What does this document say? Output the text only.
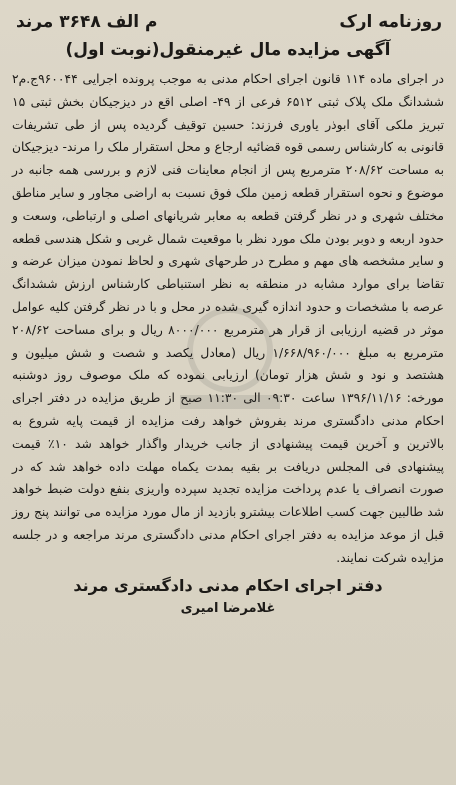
روزنامه ارک
م الف ۳۶۴۸ مرند
آگهی مزایده مال غیرمنقول(نوبت اول)
در اجرای ماده ۱۱۴ قانون اجرای احکام مدنی به موجب پرونده اجرایی ۹۶۰۰۴۴ج.م۲ ششدانگ ملک پلاک ثبتی ۶۵۱۲ فرعی از ۴۹- اصلی اقع در دیزجیکان بخش ثبتی ۱۵ تبریز ملکی آقای ابوذر یاوری فرزند: حسین توقیف گردیده پس از طی تشریفات قانونی به کارشناس رسمی قوه قضائیه ارجاع و محل استقرار ملک را مرند- دیزجیکان به مساحت ۲۰۸/۶۲ مترمربع پس از انجام معاینات فنی لازم و بررسی همه جانبه در موضوع و نحوه استقرار قطعه زمین ملک فوق نسبت به اراضی مجاور و سایر مناطق مختلف شهری و در نظر گرفتن قطعه به معابر شریانهای اصلی و ارتباطی، وسعت و حدود اربعه و دوبر بودن ملک مورد نظر با موقعیت شمال غربی و شکل هندسی قطعه و سایر مشخصه های مهم و مطرح در طرحهای شهری و لحاظ نمودن میزان عرضه و تقاضا برای موارد مشابه در منطقه به نظر استنباطی کارشناس ارزش ششدانگ عرصه با مشخصات و حدود اندازه گیری شده در محل و با در نظر گرفتن کلیه عوامل موثر در قضیه ارزیابی از قرار هر مترمربع ۸۰۰۰/۰۰۰ ریال و برای مساحت ۲۰۸/۶۲ مترمربع به مبلغ ۱/۶۶۸/۹۶۰/۰۰۰ ریال (معادل یکصد و شصت و شش میلیون و هشتصد و نود و شش هزار تومان) ارزیابی نموده که ملک موصوف روز دوشنبه مورخه: ۱۳۹۶/۱۱/۱۶ ساعت ۰۹:۳۰ الی ۱۱:۳۰ صبح از طریق مزایده در دفتر اجرای احکام مدنی دادگستری مرند بفروش خواهد رفت مزایده از قیمت پایه شروع به بالاترین و آخرین قیمت پیشنهادی از جانب خریدار واگذار خواهد شد ۱۰٪ قیمت پیشنهادی فی المجلس دریافت بر بقیه بمدت یکماه مهلت داده خواهد شد که در صورت انصراف یا عدم پرداخت مزایده تجدید سپرده واریزی بنفع دولت ضبط خواهد شد طالبین جهت کسب اطلاعات بیشترو بازدید از مال مورد مزایده می توانند پنج روز قبل از موعد مزایده به دفتر اجرای احکام مدنی دادگستری مرند مراجعه و در جلسه مزایده شرکت نمایند.
دفتر اجرای احکام مدنی دادگستری مرند
غلامرضا امیری
